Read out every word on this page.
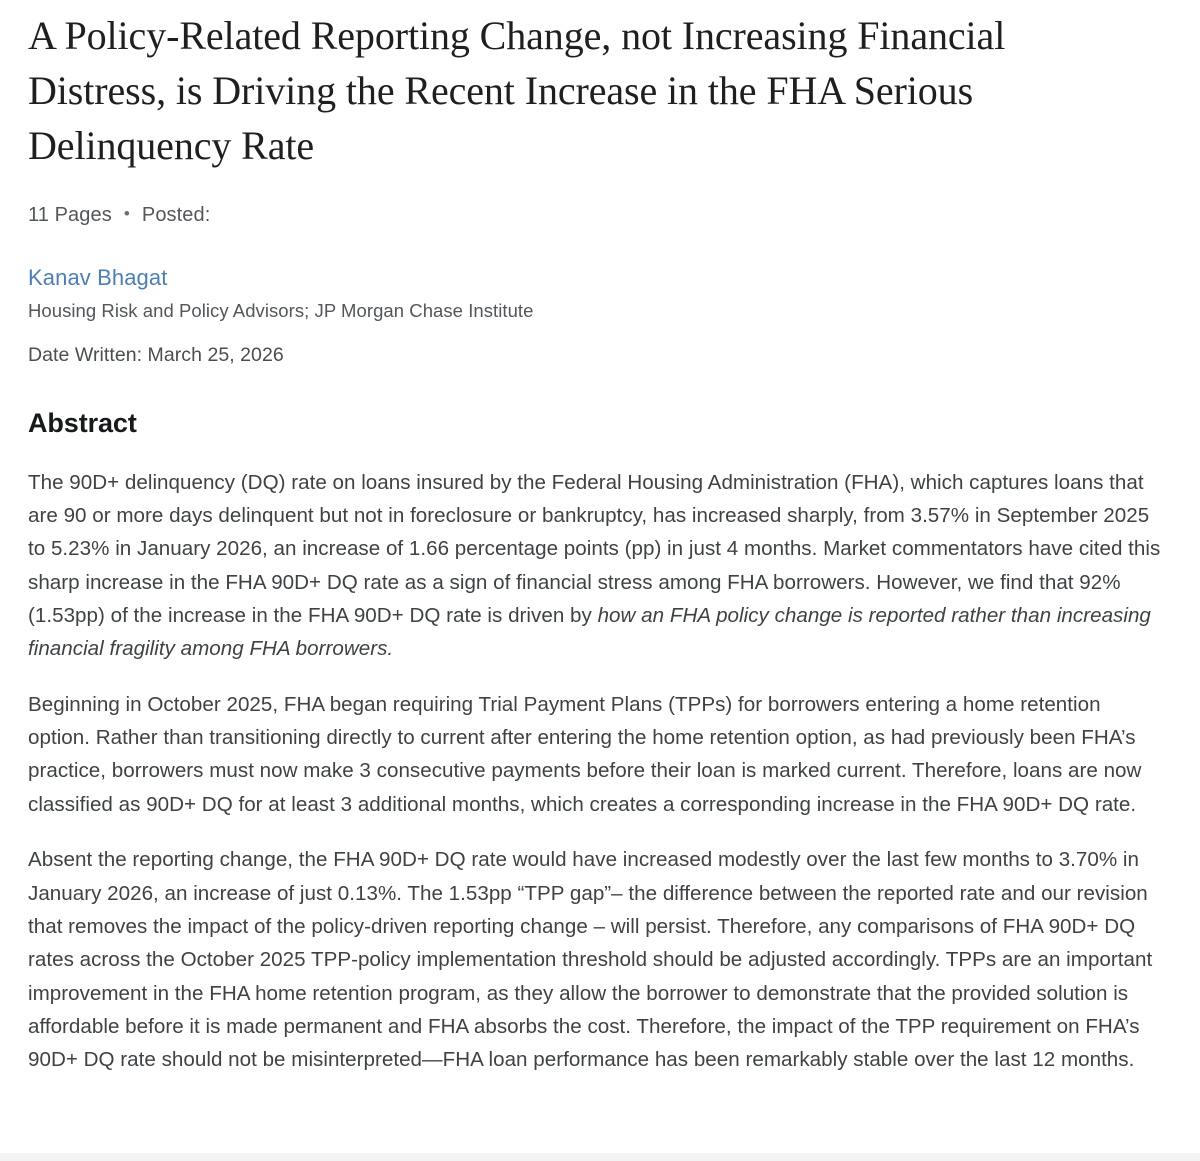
A Policy-Related Reporting Change, not Increasing Financial Distress, is Driving the Recent Increase in the FHA Serious Delinquency Rate
11 Pages • Posted:
Kanav Bhagat
Housing Risk and Policy Advisors; JP Morgan Chase Institute
Date Written: March 25, 2026
Abstract

The 90D+ delinquency (DQ) rate on loans insured by the Federal Housing Administration (FHA), which captures loans that are 90 or more days delinquent but not in foreclosure or bankruptcy, has increased sharply, from 3.57% in September 2025 to 5.23% in January 2026, an increase of 1.66 percentage points (pp) in just 4 months. Market commentators have cited this sharp increase in the FHA 90D+ DQ rate as a sign of financial stress among FHA borrowers. However, we find that 92% (1.53pp) of the increase in the FHA 90D+ DQ rate is driven by how an FHA policy change is reported rather than increasing financial fragility among FHA borrowers.

Beginning in October 2025, FHA began requiring Trial Payment Plans (TPPs) for borrowers entering a home retention option. Rather than transitioning directly to current after entering the home retention option, as had previously been FHA’s practice, borrowers must now make 3 consecutive payments before their loan is marked current. Therefore, loans are now classified as 90D+ DQ for at least 3 additional months, which creates a corresponding increase in the FHA 90D+ DQ rate.

Absent the reporting change, the FHA 90D+ DQ rate would have increased modestly over the last few months to 3.70% in January 2026, an increase of just 0.13%. The 1.53pp “TPP gap”– the difference between the reported rate and our revision that removes the impact of the policy-driven reporting change – will persist. Therefore, any comparisons of FHA 90D+ DQ rates across the October 2025 TPP-policy implementation threshold should be adjusted accordingly. TPPs are an important improvement in the FHA home retention program, as they allow the borrower to demonstrate that the provided solution is affordable before it is made permanent and FHA absorbs the cost. Therefore, the impact of the TPP requirement on FHA’s 90D+ DQ rate should not be misinterpreted—FHA loan performance has been remarkably stable over the last 12 months.
